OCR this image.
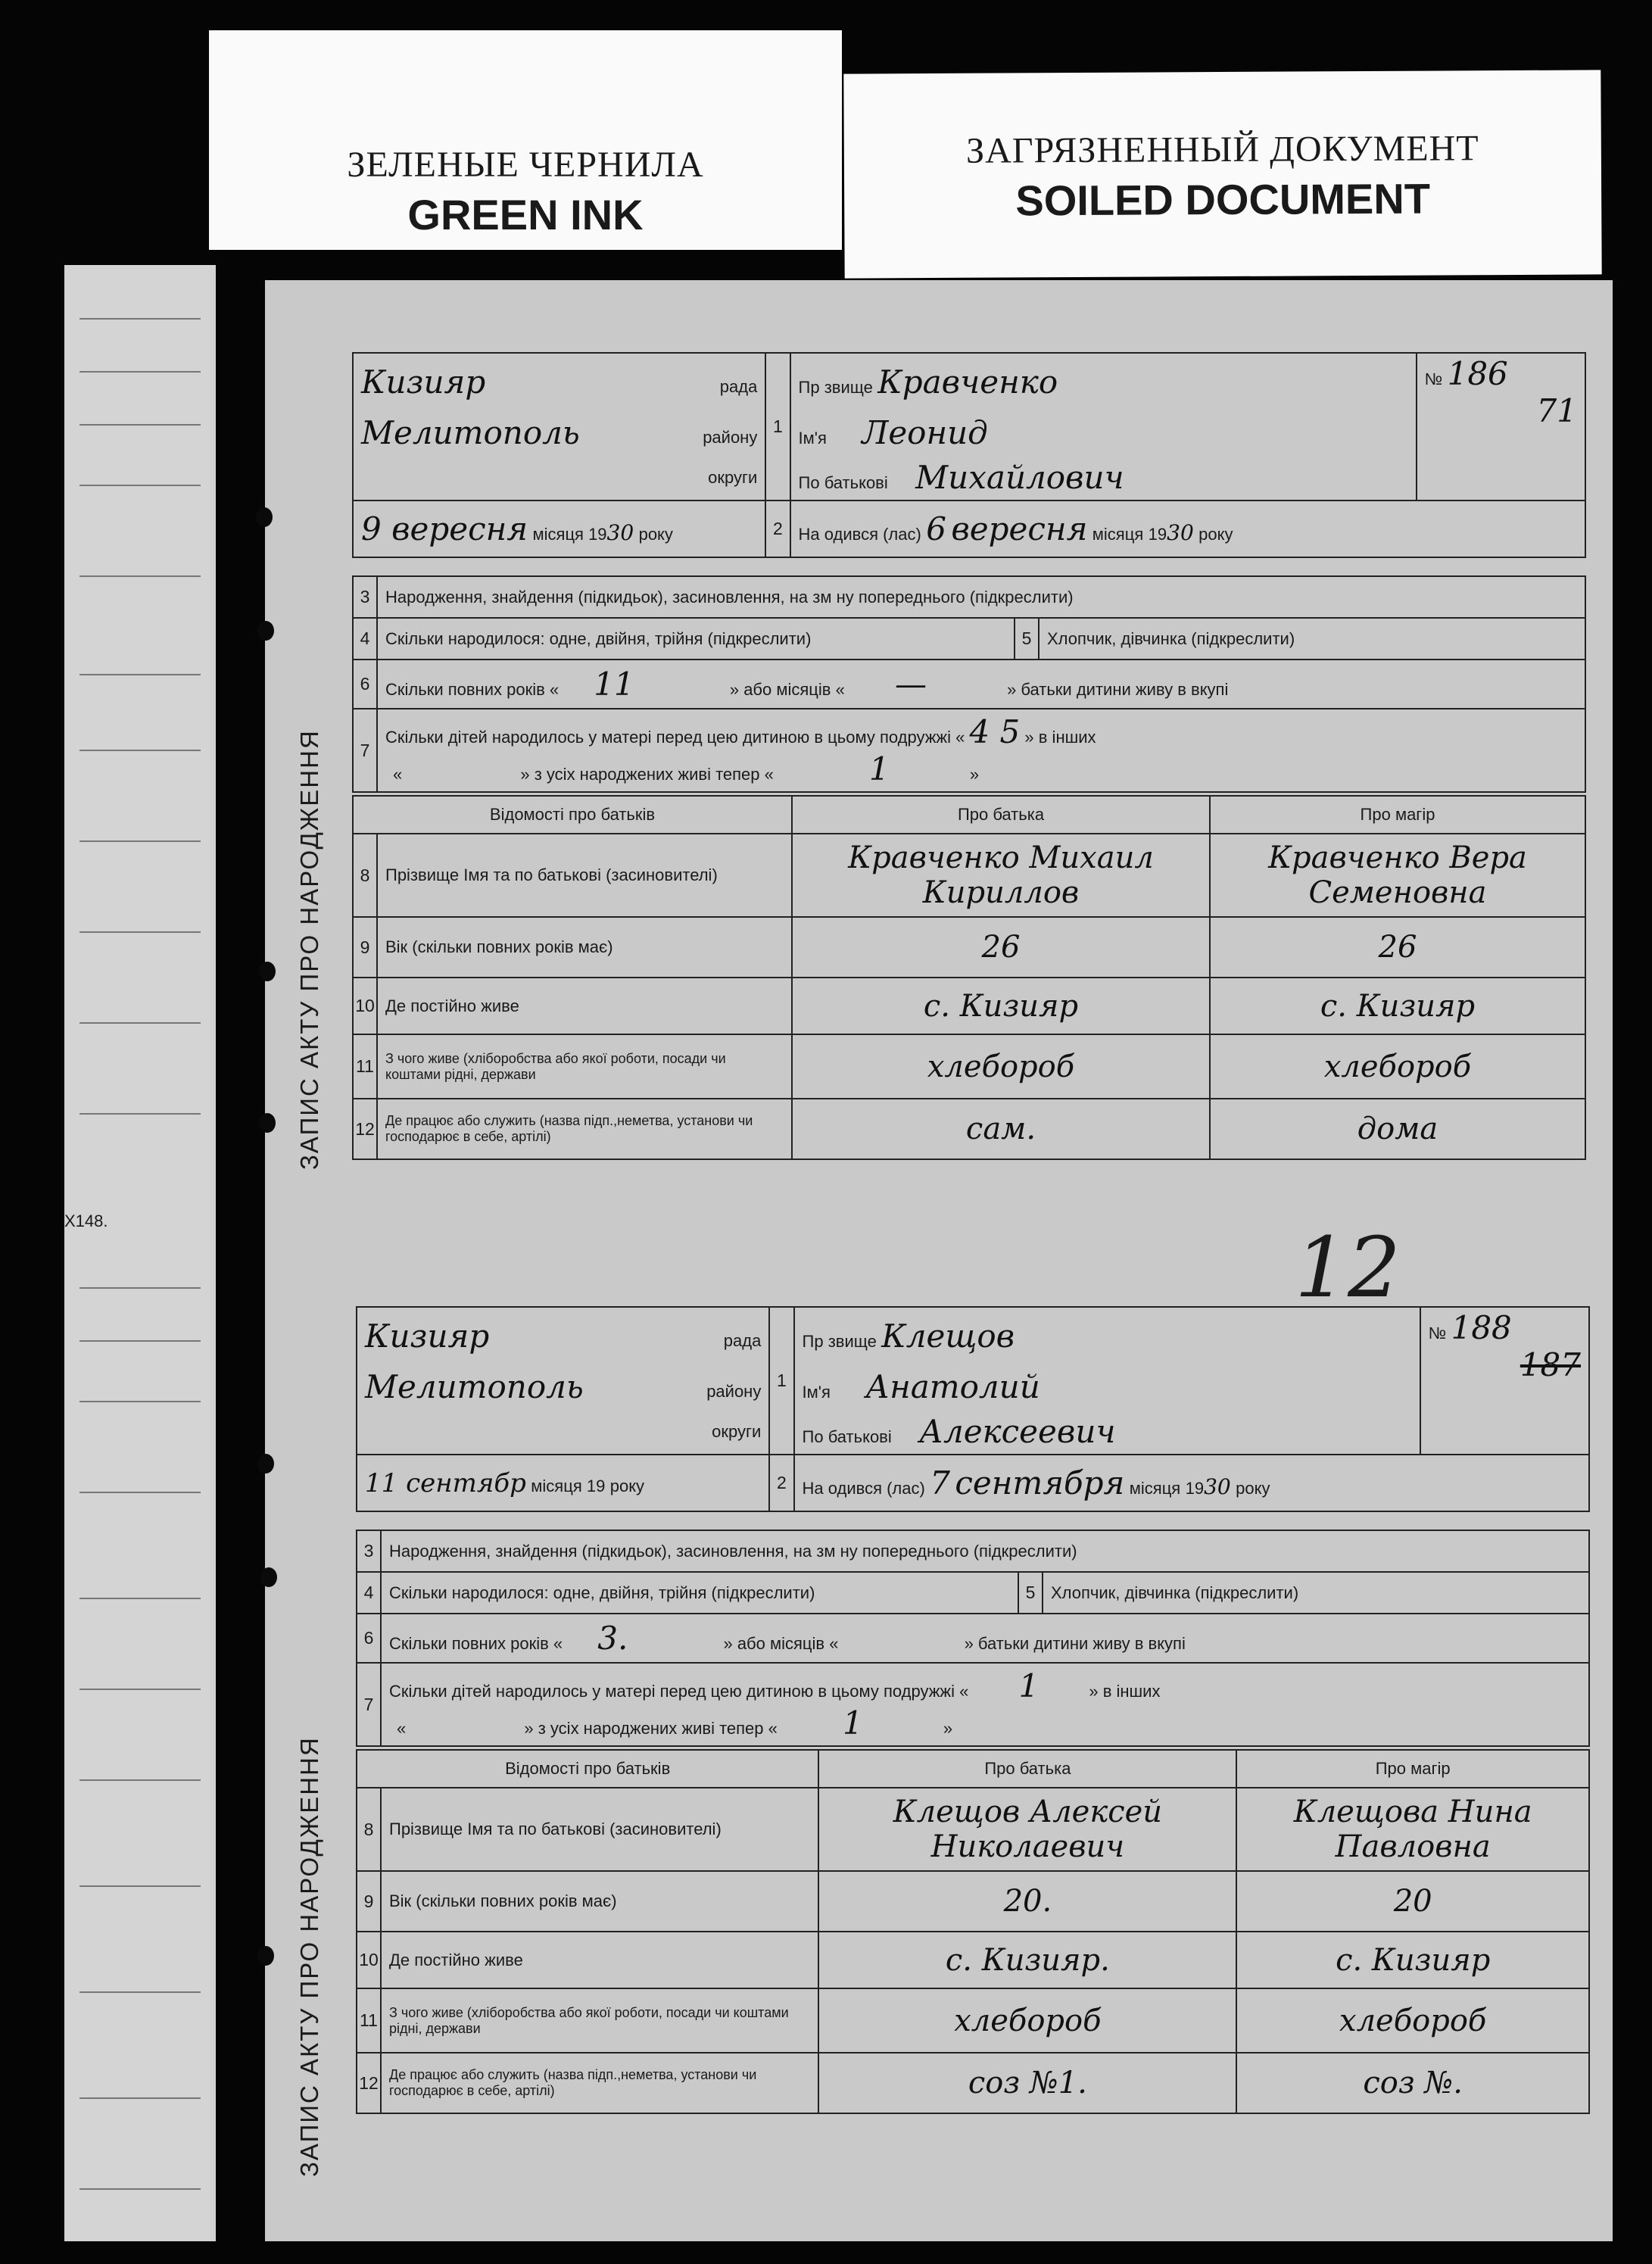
ЗЕЛЕНЫЕ ЧЕРНИЛА
GREEN INK
ЗАГРЯЗНЕННЫЙ ДОКУМЕНТ
SOILED DOCUMENT
X148.
ЗАПИС АКТУ ПРО НАРОДЖЕННЯ
Кизияр рада	1	Пр звище Кравченко	№ 186

71

Мелитополь району		Ім'я Леонид	

округи		По батькові Михайлович	
9 вересня місяця 1930 року	2	На одився (лас) 6 вересня місяця 1930 року	
3	Народження, знайдення (підкидьок), засиновлення, на зм ну попереднього (підкреслити)		
4	Скільки народилося: одне, двійня, трійня (підкреслити)	5	Хлопчик, дівчинка (підкреслити)
6	Скільки повних років « 11 » або місяців « — » батьки дитини живу в вкупі		
7	Скільки дітей народилось у матері перед цею дитиною в цьому подружжі « 4 5 » в інших
« » з усіх народжених живі тепер « 1 »		
Відомості про батьків		Про батька	Про магір
8	Прізвище Імя та по батькові (засиновителі)	Кравченко Михаил Кириллов	Кравченко Вера Семеновна
9	Вік (скільки повних років має)	26	26
10	Де постійно живе	с. Кизияр	с. Кизияр
11	З чого живе (хліборобства або якої роботи, посади чи коштами рідні, держави	хлебороб	хлебороб
12	Де працює або служить (назва підп.,неметва, установи чи господарює в себе, артілі)	сам.	дома
12
ЗАПИС АКТУ ПРО НАРОДЖЕННЯ
Кизияр рада	1	Пр звище Клещов	№ 188

187

Мелитополь району		Ім'я Анатолий	

округи		По батькові Алексеевич	
11 сентябр місяця 19 року	2	На одився (лас) 7 сентября місяця 1930 року	
3	Народження, знайдення (підкидьок), засиновлення, на зм ну попереднього (підкреслити)		
4	Скільки народилося: одне, двійня, трійня (підкреслити)	5	Хлопчик, дівчинка (підкреслити)
6	Скільки повних років « 3. » або місяців « » батьки дитини живу в вкупі		
7	Скільки дітей народилось у матері перед цею дитиною в цьому подружжі « 1 » в інших
« » з усіх народжених живі тепер « 1 »		
Відомості про батьків		Про батька	Про магір
8	Прізвище Імя та по батькові (засиновителі)	Клещов Алексей Николаевич	Клещова Нина Павловна
9	Вік (скільки повних років має)	20.	20
10	Де постійно живе	с. Кизияр.	с. Кизияр
11	З чого живе (хліборобства або якої роботи, посади чи коштами рідні, держави	хлебороб	хлебороб
12	Де працює або служить (назва підп.,неметва, установи чи господарює в себе, артілі)	соз №1.	соз №.
